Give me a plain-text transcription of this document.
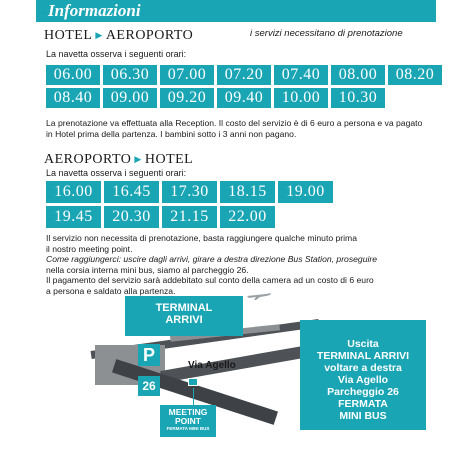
Informazioni
HOTEL ▶ AEROPORTO	i servizi necessitano di prenotazione
La navetta osserva i seguenti orari:
06.00	06.30	07.00	07.20	07.40	08.00	08.20
08.40	09.00	09.20	09.40	10.00	10.30
La prenotazione va effettuata alla Reception. Il costo del servizio è di 6 euro a persona e va pagato in Hotel prima della partenza. I bambini sotto i 3 anni non pagano.
AEROPORTO ▶ HOTEL
La navetta osserva i seguenti orari:
16.00	16.45	17.30	18.15	19.00
19.45	20.30	21.15	22.00
Il servizio non necessita di prenotazione, basta raggiungere qualche minuto prima
il nostro meeting point.
Come raggiungerci: uscire dagli arrivi, girare a destra direzione Bus Station, proseguire
nella corsia interna mini bus, siamo al parcheggio 26.
Il pagamento del servizio sarà addebitato sul conto della camera ad un costo di 6 euro
a persona e saldato alla partenza.
TERMINAL
ARRIVI
P
26
Via Agello
MEETING
POINT
FERMATA MINI BUS
Uscita
TERMINAL ARRIVI
voltare a destra
Via Agello
Parcheggio 26
FERMATA
MINI BUS
